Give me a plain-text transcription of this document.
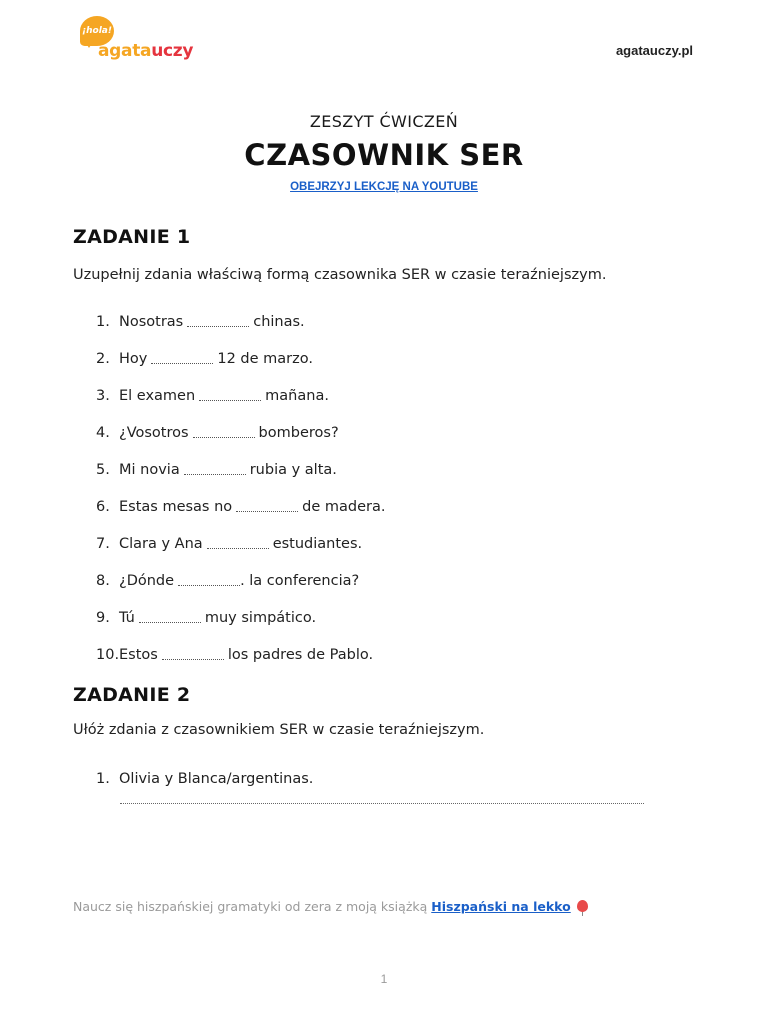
¡hola!
agatauczy	agatauczy.pl
ZESZYT ĆWICZEŃ
CZASOWNIK SER
OBEJRZYJ LEKCJĘ NA YOUTUBE
ZADANIE 1
Uzupełnij zdania właściwą formą czasownika SER w czasie teraźniejszym.
1. Nosotras	chinas.
2. Hoy	12 de marzo.
3. El examen	mañana.
4. ¿Vosotros	bomberos?
5. Mi novia	rubia y alta.
6. Estas mesas no	de madera.
7. Clara y Ana	estudiantes.
8. ¿Dónde	. la conferencia?
9. Tú	muy simpático.
10. Estos	los padres de Pablo.
ZADANIE 2
Ułóż zdania z czasownikiem SER w czasie teraźniejszym.
1. Olivia y Blanca/argentinas.
Naucz się hiszpańskiej gramatyki od zera z moją książką Hiszpański na lekko
1
